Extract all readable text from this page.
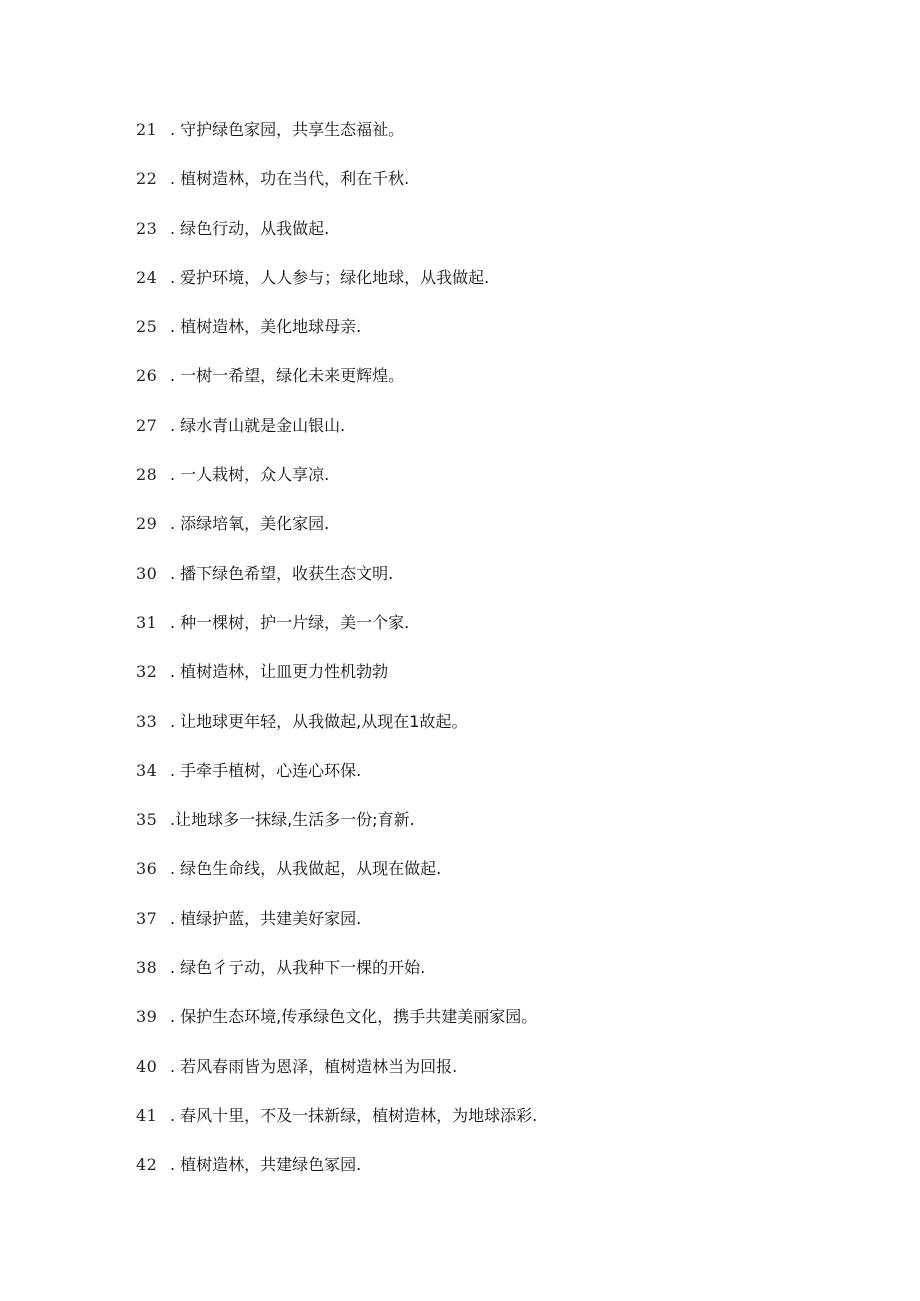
21 . 守护绿色家园，共享生态福祉。
22 . 植树造林，功在当代，利在千秋.
23 . 绿色行动，从我做起.
24 . 爱护环境，人人参与；绿化地球，从我做起.
25 . 植树造林，美化地球母亲.
26 . 一树一希望，绿化未来更辉煌。
27 . 绿水青山就是金山银山.
28 . 一人栽树，众人享凉.
29 . 添绿培氧，美化家园.
30 . 播下绿色希望，收获生态文明.
31 . 种一棵树，护一片绿，美一个家.
32 . 植树造林，让皿更力性机勃勃
33 . 让地球更年轻，从我做起,从现在1故起。
34 . 手牵手植树，心连心环保.
35 .让地球多一抹绿,生活多一份;育新.
36 . 绿色生命线，从我做起，从现在做起.
37 . 植绿护蓝，共建美好家园.
38 . 绿色彳亍动，从我种下一棵的开始.
39 . 保护生态环境,传承绿色文化，携手共建美丽家园。
40 . 若风春雨皆为恩泽，植树造林当为回报.
41 . 春风十里，不及一抹新绿，植树造林，为地球添彩.
42 . 植树造林，共建绿色冢园.
